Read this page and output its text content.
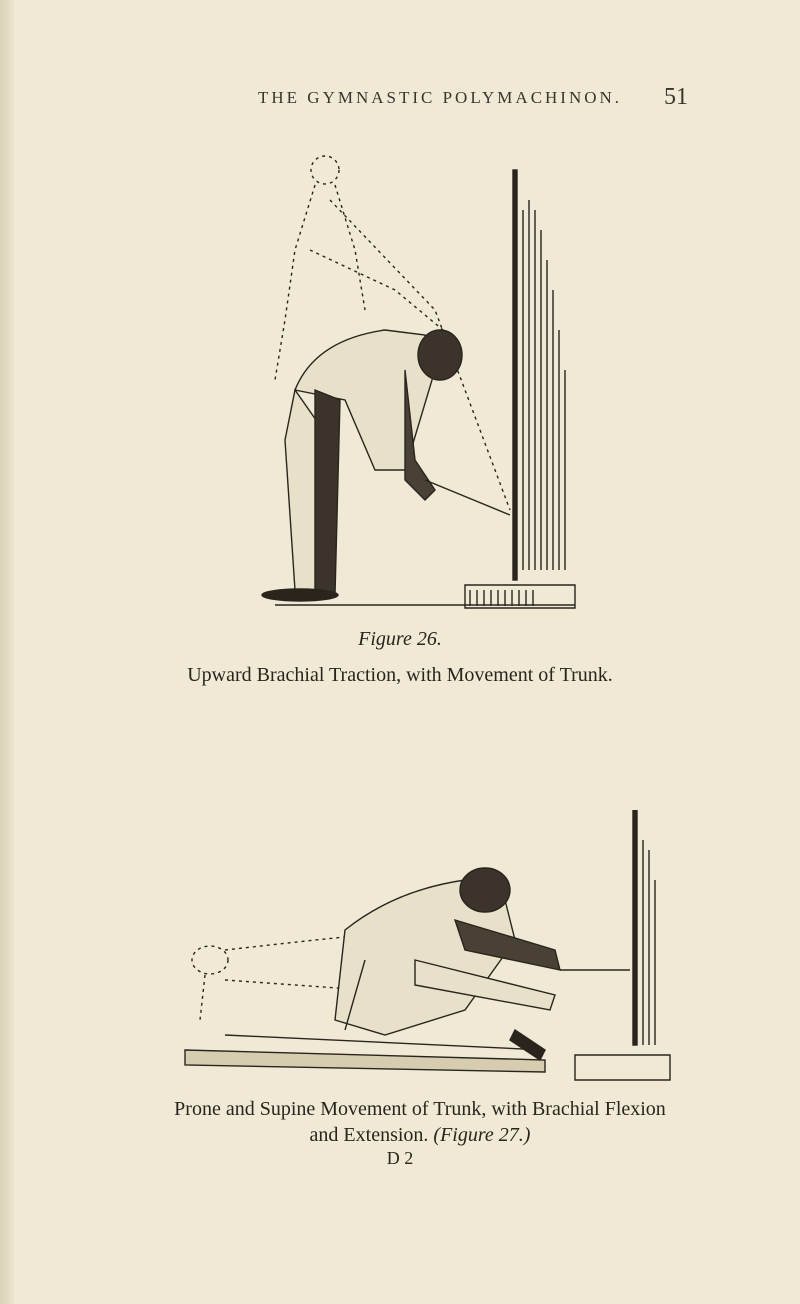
THE GYMNASTIC POLYMACHINON. 51
Figure 26.
Upward Brachial Traction, with Movement of Trunk.
Prone and Supine Movement of Trunk, with Brachial Flexion
and Extension. (Figure 27.)
D 2
